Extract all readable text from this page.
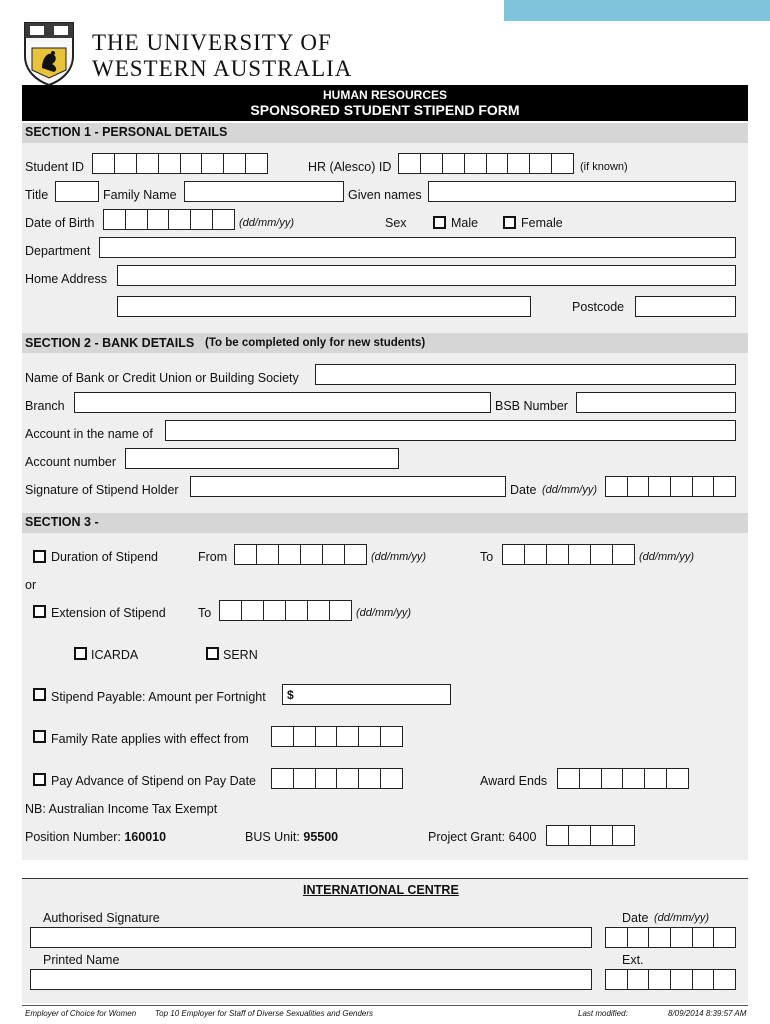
THE UNIVERSITY OF
WESTERN AUSTRALIA
HUMAN RESOURCES
SPONSORED STUDENT STIPEND FORM
SECTION 1 - PERSONAL DETAILS
Student ID	HR (Alesco) ID	(if known)
Title	Family Name	Given names
Date of Birth	(dd/mm/yy)	Sex	Male	Female
Department
Home Address
Postcode
SECTION 2 - BANK DETAILS (To be completed only for new students)
Name of Bank or Credit Union or Building Society
Branch	BSB Number
Account in the name of
Account number
Signature of Stipend Holder	Date (dd/mm/yy)
SECTION 3 -
Duration of Stipend	From	(dd/mm/yy)	To	(dd/mm/yy)
or
Extension of Stipend	To	(dd/mm/yy)
ICARDA	SERN
Stipend Payable: Amount per Fortnight $
Family Rate applies with effect from
Pay Advance of Stipend on Pay Date	Award Ends
NB: Australian Income Tax Exempt
Position Number: 160010	BUS Unit: 95500	Project Grant: 6400
INTERNATIONAL CENTRE
Authorised Signature	Date (dd/mm/yy)
Printed Name	Ext.
Employer of Choice for Women Top 10 Employer for Staff of Diverse Sexualities and Genders	Last modified:	8/09/2014 8:39:57 AM
